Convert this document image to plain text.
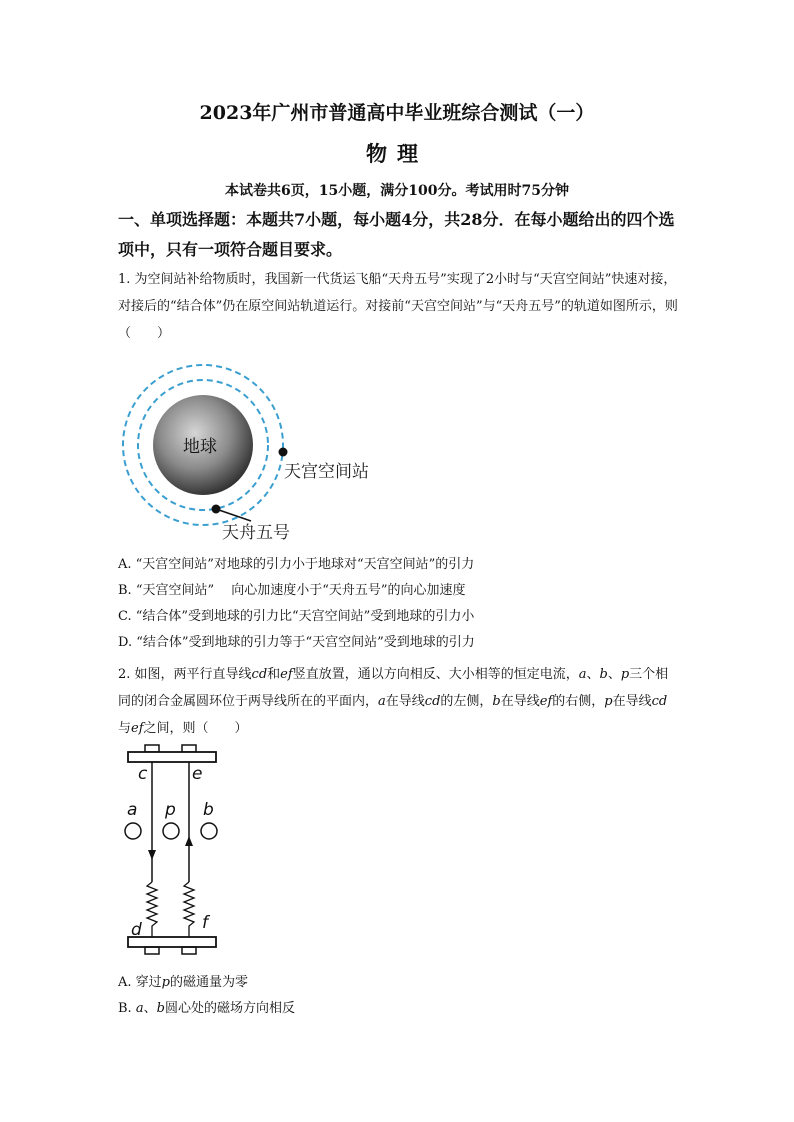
2023年广州市普通高中毕业班综合测试（一）
物理
本试卷共6页，15小题，满分100分。考试用时75分钟
一、单项选择题：本题共7小题，每小题4分，共28分．在每小题给出的四个选项中，只有一项符合题目要求。
1. 为空间站补给物质时，我国新一代货运飞船“天舟五号”实现了2小时与“天宫空间站”快速对接，对接后的“结合体”仍在原空间站轨道运行。对接前“天宫空间站”与“天舟五号”的轨道如图所示，则（　　）
地球
天宫空间站
天舟五号
A. “天宫空间站”对地球的引力小于地球对“天宫空间站”的引力
B. “天宫空间站”　 向心加速度小于“天舟五号”的向心加速度
C. “结合体”受到地球的引力比“天宫空间站”受到地球的引力小
D. “结合体”受到地球的引力等于“天宫空间站”受到地球的引力
2. 如图，两平行直导线cd和ef竖直放置，通以方向相反、大小相等的恒定电流，a、b、p三个相同的闭合金属圆环位于两导线所在的平面内，a在导线cd的左侧，b在导线ef的右侧，p在导线cd与ef之间，则（　　）
c	e
a p b
d	f
A. 穿过p的磁通量为零
B. a、b圆心处的磁场方向相反
